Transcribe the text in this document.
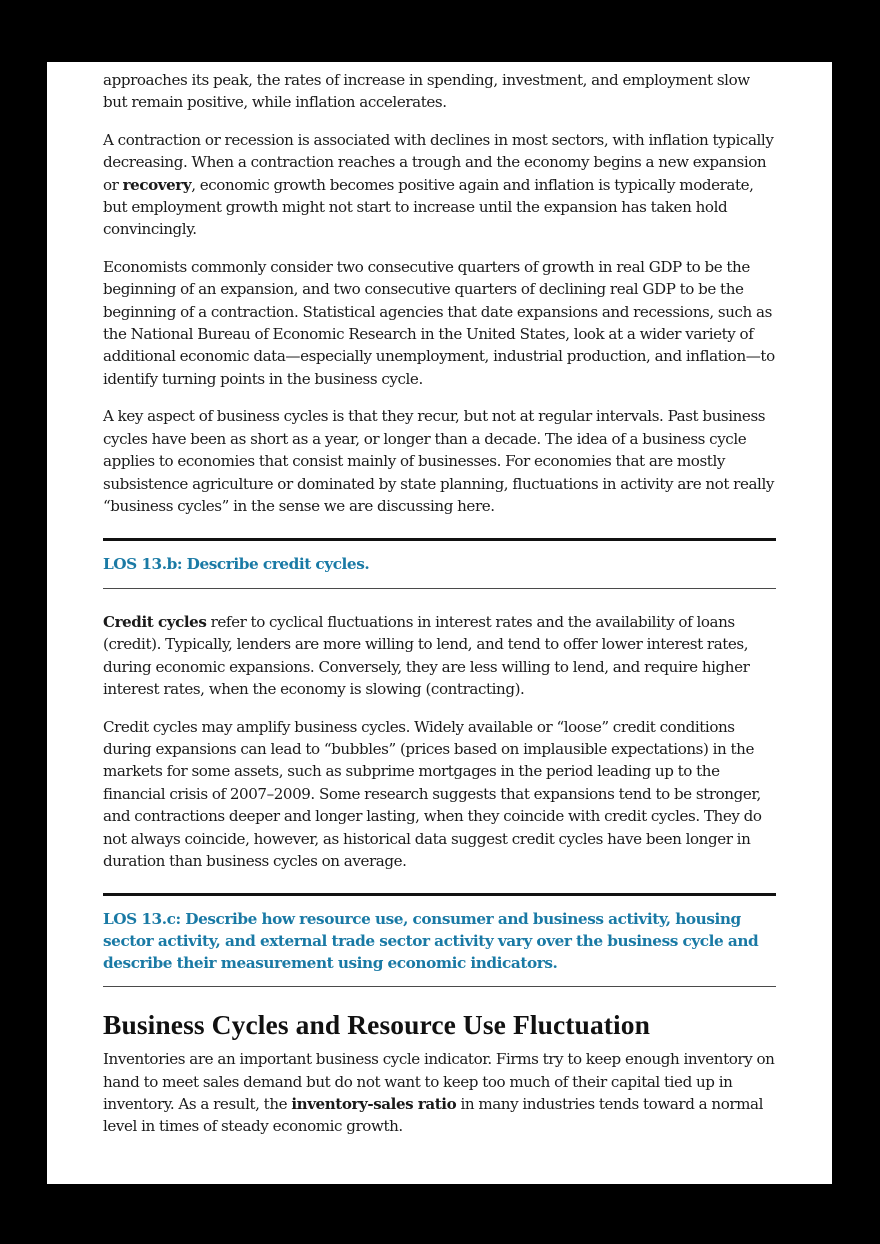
approaches its peak, the rates of increase in spending, investment, and employment slow but remain positive, while inflation accelerates.

A contraction or recession is associated with declines in most sectors, with inflation typically decreasing. When a contraction reaches a trough and the economy begins a new expansion or recovery, economic growth becomes positive again and inflation is typically moderate, but employment growth might not start to increase until the expansion has taken hold convincingly.

Economists commonly consider two consecutive quarters of growth in real GDP to be the beginning of an expansion, and two consecutive quarters of declining real GDP to be the beginning of a contraction. Statistical agencies that date expansions and recessions, such as the National Bureau of Economic Research in the United States, look at a wider variety of additional economic data—especially unemployment, industrial production, and inflation—to identify turning points in the business cycle.

A key aspect of business cycles is that they recur, but not at regular intervals. Past business cycles have been as short as a year, or longer than a decade. The idea of a business cycle applies to economies that consist mainly of businesses. For economies that are mostly subsistence agriculture or dominated by state planning, fluctuations in activity are not really “business cycles” in the sense we are discussing here.

LOS 13.b: Describe credit cycles.

Credit cycles refer to cyclical fluctuations in interest rates and the availability of loans (credit). Typically, lenders are more willing to lend, and tend to offer lower interest rates, during economic expansions. Conversely, they are less willing to lend, and require higher interest rates, when the economy is slowing (contracting).

Credit cycles may amplify business cycles. Widely available or “loose” credit conditions during expansions can lead to “bubbles” (prices based on implausible expectations) in the markets for some assets, such as subprime mortgages in the period leading up to the financial crisis of 2007–2009. Some research suggests that expansions tend to be stronger, and contractions deeper and longer lasting, when they coincide with credit cycles. They do not always coincide, however, as historical data suggest credit cycles have been longer in duration than business cycles on average.

LOS 13.c: Describe how resource use, consumer and business activity, housing sector activity, and external trade sector activity vary over the business cycle and describe their measurement using economic indicators.
Business Cycles and Resource Use Fluctuation

Inventories are an important business cycle indicator. Firms try to keep enough inventory on hand to meet sales demand but do not want to keep too much of their capital tied up in inventory. As a result, the inventory-sales ratio in many industries tends toward a normal level in times of steady economic growth.
